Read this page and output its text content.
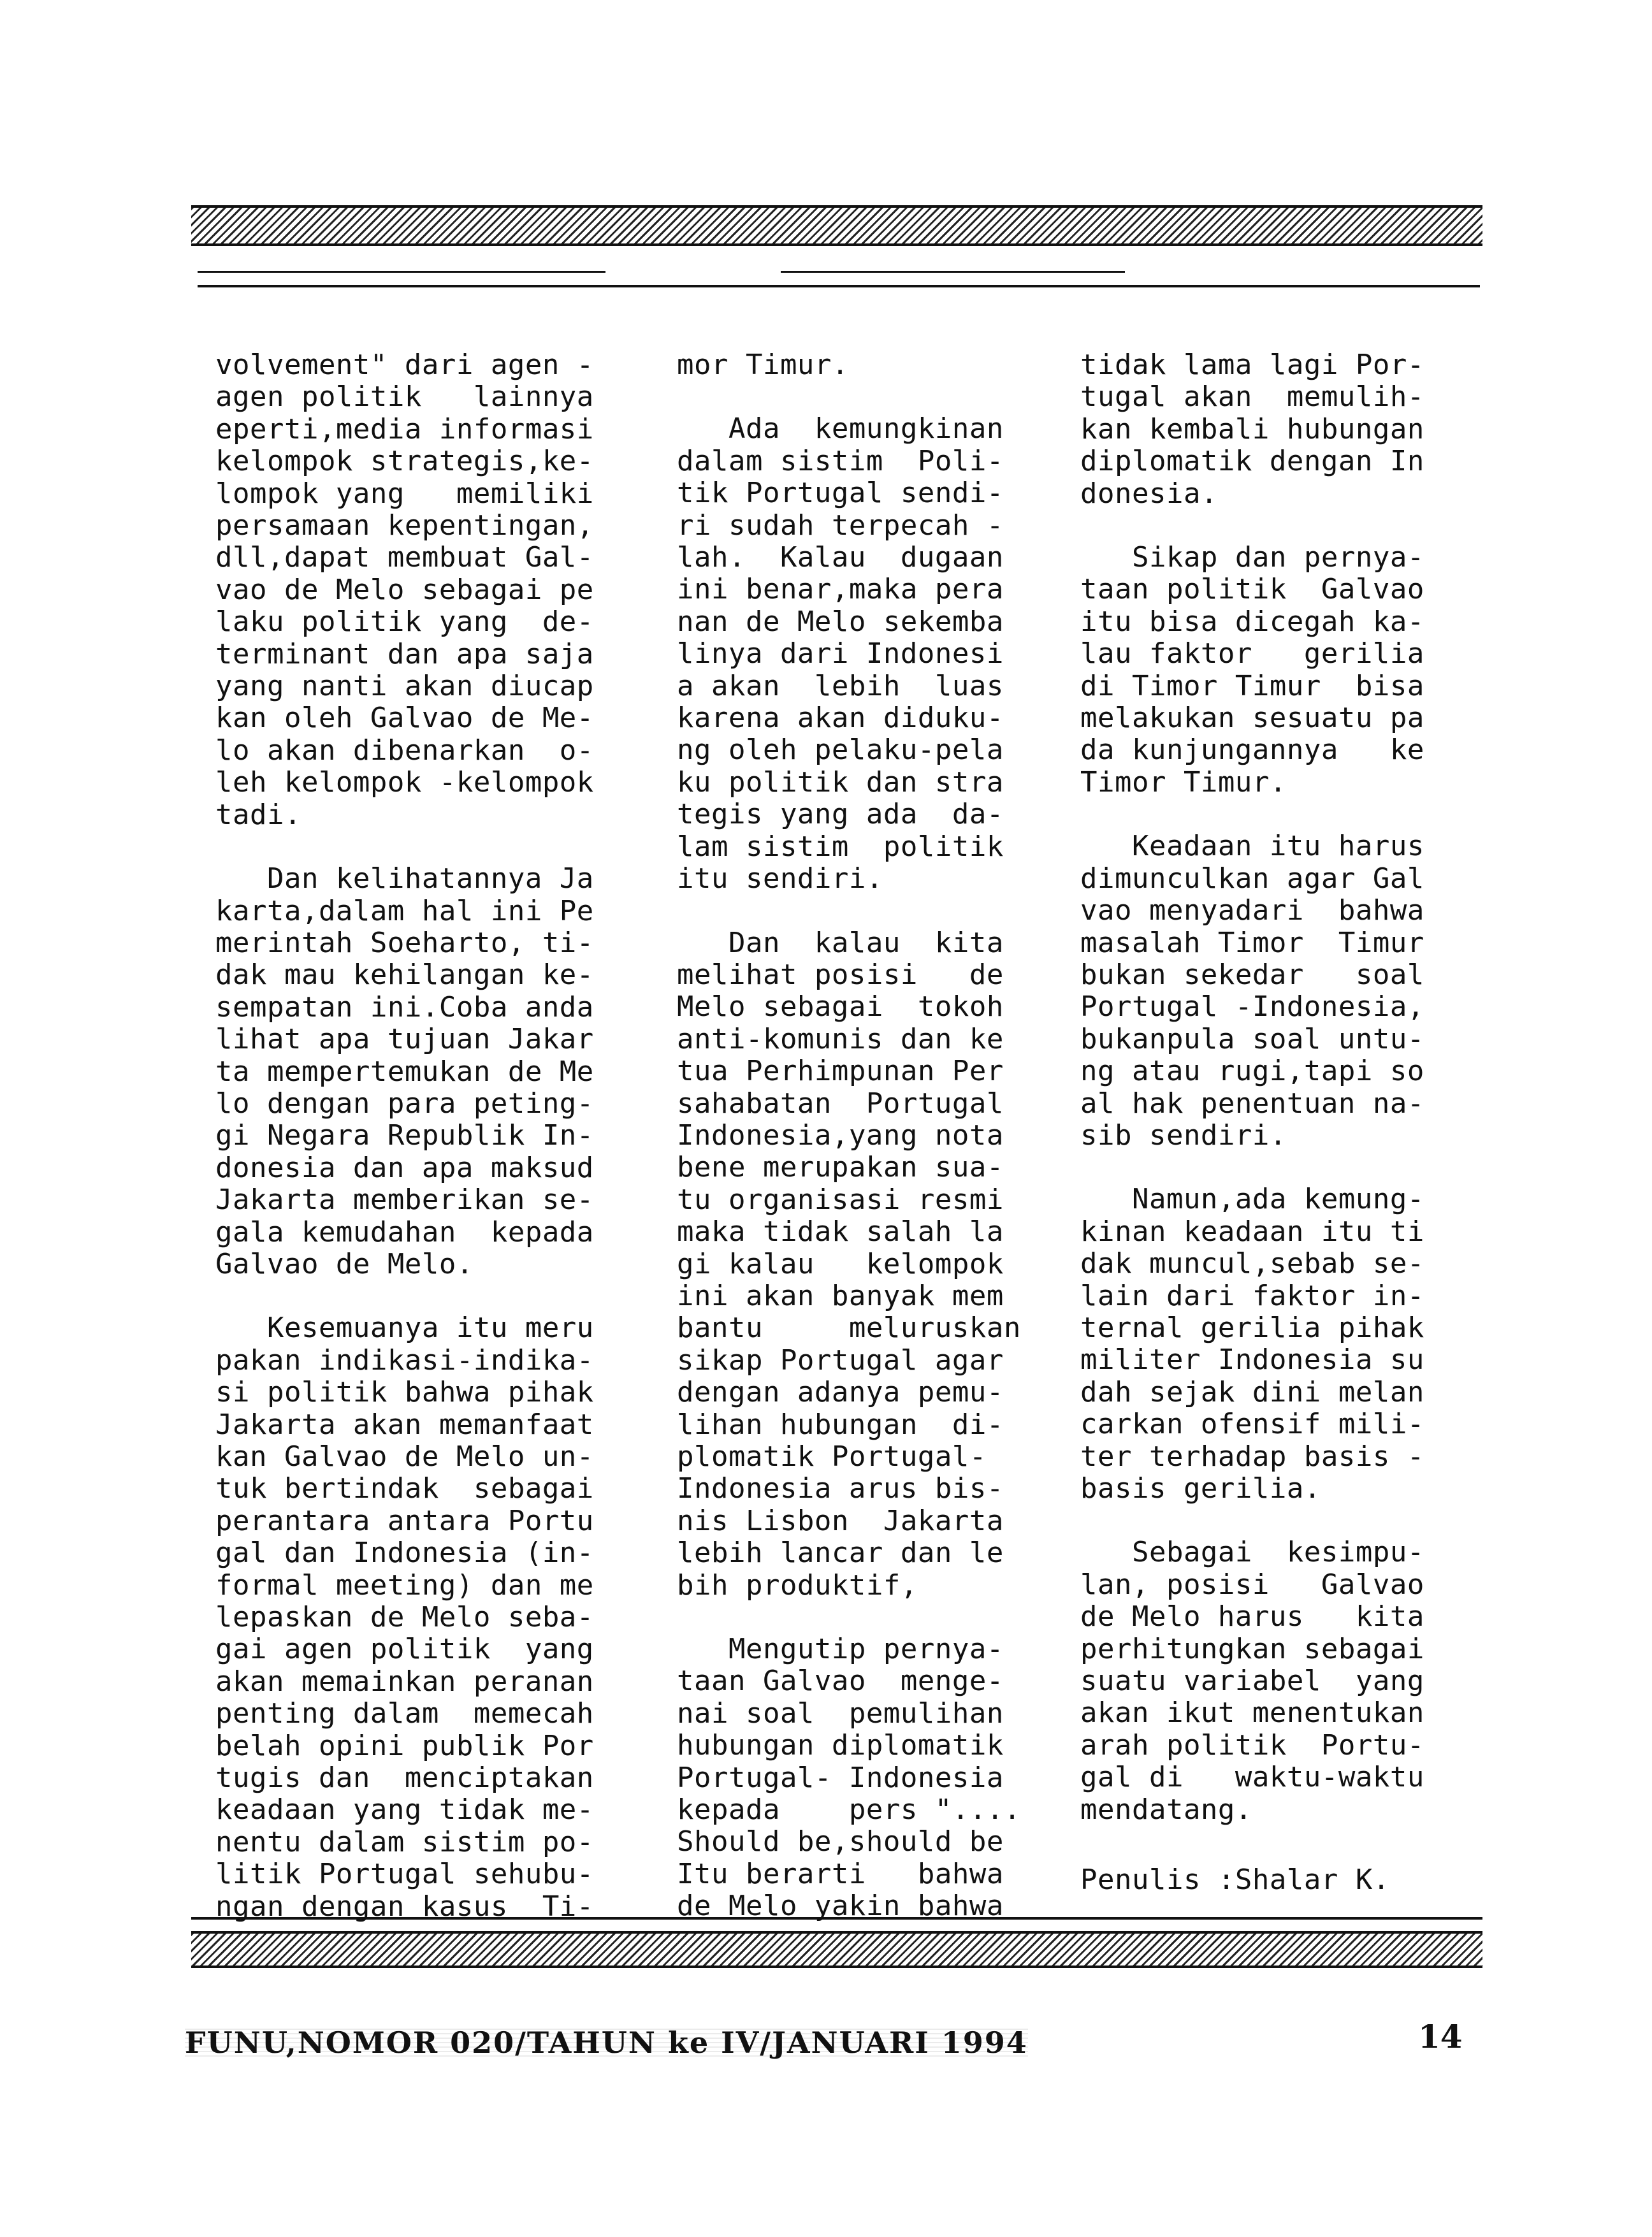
volvement" dari agen -
agen politik   lainnya
eperti,media informasi
kelompok strategis,ke-
lompok yang   memiliki
persamaan kepentingan,
dll,dapat membuat Gal-
vao de Melo sebagai pe
laku politik yang  de-
terminant dan apa saja
yang nanti akan diucap
kan oleh Galvao de Me-
lo akan dibenarkan  o-
leh kelompok -kelompok
tadi.

Dan kelihatannya Ja
karta,dalam hal ini Pe
merintah Soeharto, ti-
dak mau kehilangan ke-
sempatan ini.Coba anda
lihat apa tujuan Jakar
ta mempertemukan de Me
lo dengan para peting-
gi Negara Republik In-
donesia dan apa maksud
Jakarta memberikan se-
gala kemudahan  kepada
Galvao de Melo.

Kesemuanya itu meru
pakan indikasi-indika-
si politik bahwa pihak
Jakarta akan memanfaat
kan Galvao de Melo un-
tuk bertindak  sebagai
perantara antara Portu
gal dan Indonesia (in-
formal meeting) dan me
lepaskan de Melo seba-
gai agen politik  yang
akan memainkan peranan
penting dalam  memecah
belah opini publik Por
tugis dan  menciptakan
keadaan yang tidak me-
nentu dalam sistim po-
litik Portugal sehubu-
ngan dengan kasus  Ti-

mor Timur.

Ada  kemungkinan
dalam sistim  Poli-
tik Portugal sendi-
ri sudah terpecah -
lah.  Kalau  dugaan
ini benar,maka pera
nan de Melo sekemba
linya dari Indonesi
a akan  lebih  luas
karena akan diduku-
ng oleh pelaku-pela
ku politik dan stra
tegis yang ada  da-
lam sistim  politik
itu sendiri.

Dan  kalau  kita
melihat posisi   de
Melo sebagai  tokoh
anti-komunis dan ke
tua Perhimpunan Per
sahabatan  Portugal
Indonesia,yang nota
bene merupakan sua-
tu organisasi resmi
maka tidak salah la
gi kalau   kelompok
ini akan banyak mem
bantu     meluruskan
sikap Portugal agar
dengan adanya pemu-
lihan hubungan  di-
plomatik Portugal-
Indonesia arus bis-
nis Lisbon  Jakarta
lebih lancar dan le
bih produktif,

Mengutip pernya-
taan Galvao  menge-
nai soal  pemulihan
hubungan diplomatik
Portugal- Indonesia
kepada    pers "....
Should be,should be
Itu berarti   bahwa
de Melo yakin bahwa

tidak lama lagi Por-
tugal akan  memulih-
kan kembali hubungan
diplomatik dengan In
donesia.

Sikap dan pernya-
taan politik  Galvao
itu bisa dicegah ka-
lau faktor   gerilia
di Timor Timur  bisa
melakukan sesuatu pa
da kunjungannya   ke
Timor Timur.

Keadaan itu harus
dimunculkan agar Gal
vao menyadari  bahwa
masalah Timor  Timur
bukan sekedar   soal
Portugal -Indonesia,
bukanpula soal untu-
ng atau rugi,tapi so
al hak penentuan na-
sib sendiri.

Namun,ada kemung-
kinan keadaan itu ti
dak muncul,sebab se-
lain dari faktor in-
ternal gerilia pihak
militer Indonesia su
dah sejak dini melan
carkan ofensif mili-
ter terhadap basis -
basis gerilia.

Sebagai  kesimpu-
lan, posisi   Galvao
de Melo harus   kita
perhitungkan sebagai
suatu variabel  yang
akan ikut menentukan
arah politik  Portu-
gal di   waktu-waktu
mendatang.

Penulis :Shalar K.
FUNU,NOMOR 020/TAHUN ke IV/JANUARI 1994	14
